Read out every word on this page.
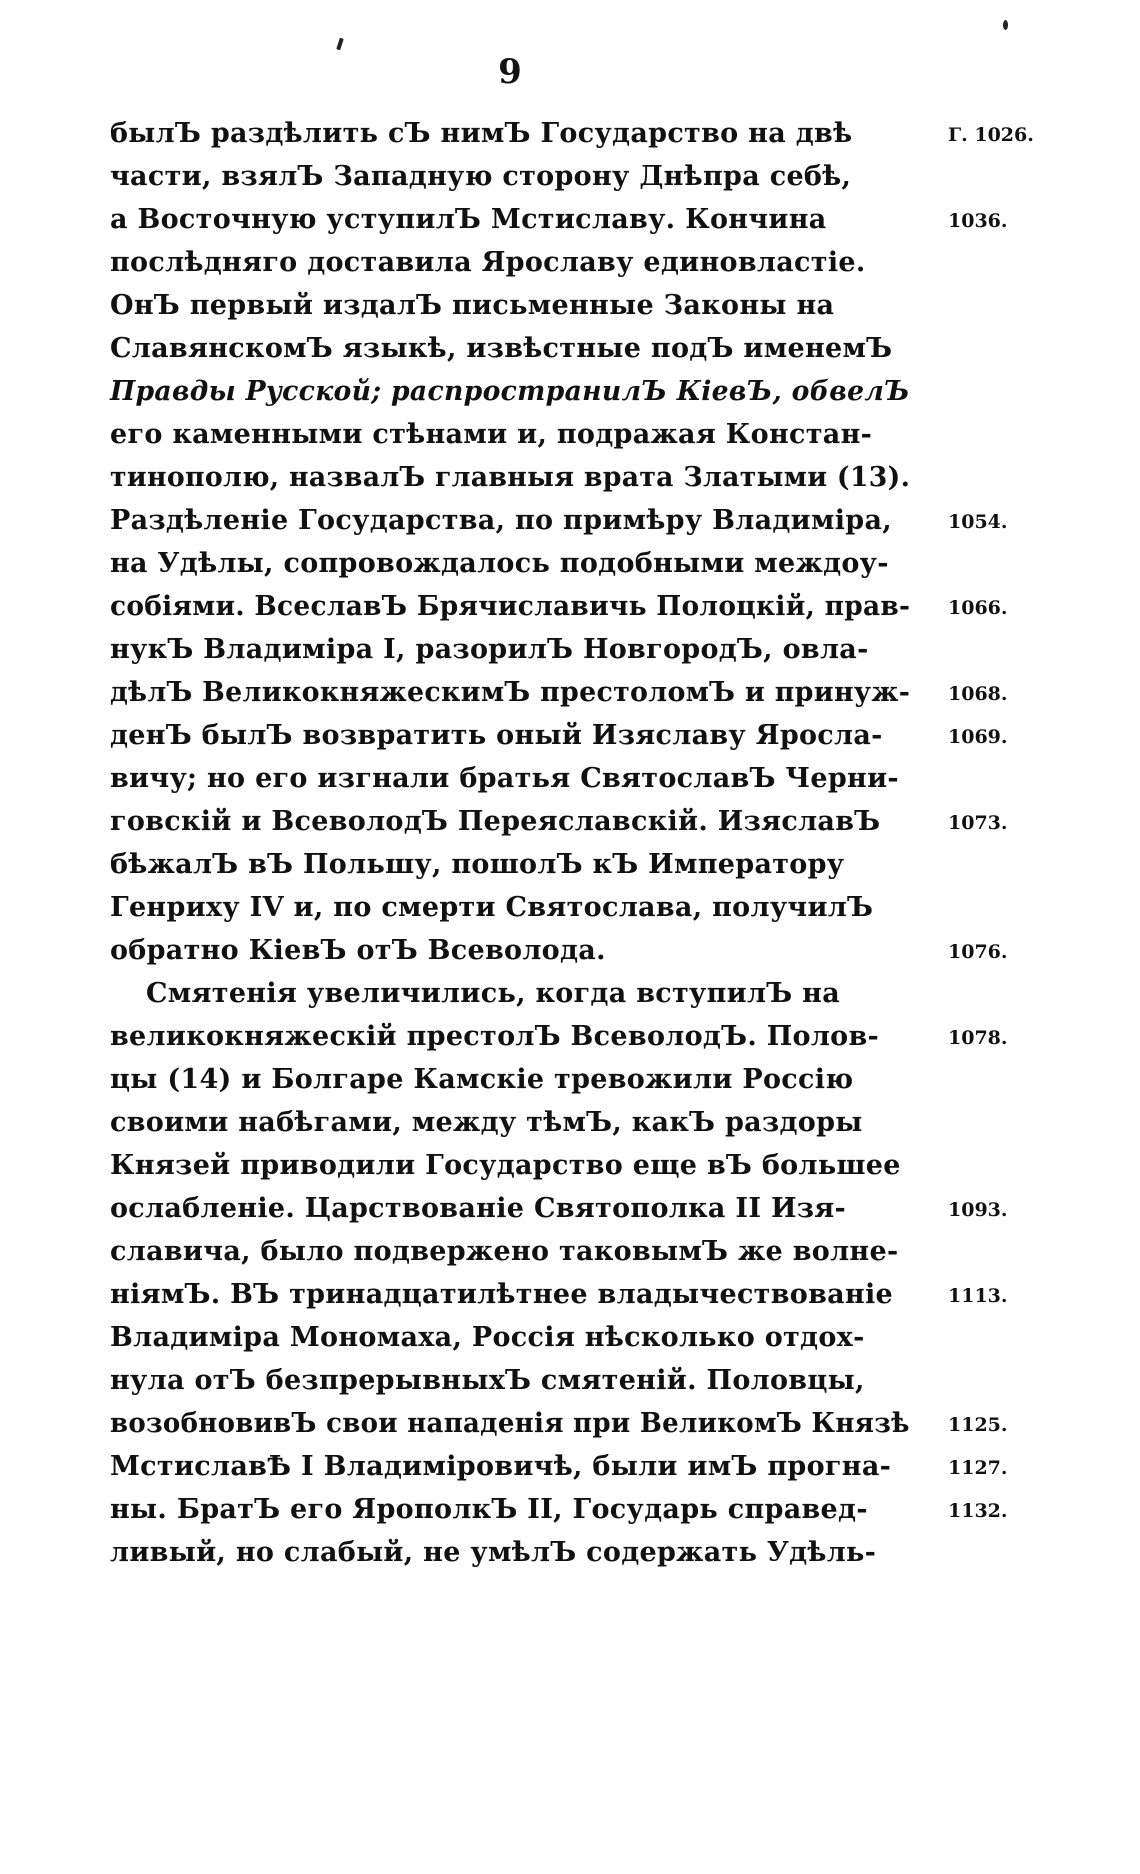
9
былЪ раздѣлить сЪ нимЪ Государство на двѣ	Г. 1026.
части, взялЪ Западную сторону Днѣпра себѣ,
а Восточную уступилЪ Мстиславу. Кончина	1036.
послѣдняго доставила Ярославу единовластiе.
ОнЪ первый издалЪ письменные Законы на
СлавянскомЪ языкѣ, извѣстные подЪ именемЪ
Правды Русской; распространилЪ КiевЪ, обвелЪ
его каменными стѣнами и, подражая Констан-
тинополю, назвалЪ главныя врата Златыми (13).
Раздѣленiе Государства, по примѣру Владимiра,	1054.
на Удѣлы, сопровождалось подобными междоу-
собiями. ВсеславЪ Брячиславичь Полоцкiй, прав- 1066.
нукЪ Владимiра I, разорилЪ НовгородЪ, овла-
дѣлЪ ВеликокняжескимЪ престоломЪ и принуж- 1068.
денЪ былЪ возвратить оный Изяславу Яросла-	1069.
вичу; но его изгнали братья СвятославЪ Черни-
говскiй и ВсеволодЪ Переяславскiй. ИзяславЪ	1073.
бѣжалЪ вЪ Польшу, пошолЪ кЪ Императору
Генриху IV и, по смерти Святослава, получилЪ
обратно КiевЪ отЪ Всеволода.	1076.
Смятенiя увеличились, когда вступилЪ на
великокняжескiй престолЪ ВсеволодЪ. Полов-	1078.
цы (14) и Болгаре Камскiе тревожили Россiю
своими набѣгами, между тѣмЪ, какЪ раздоры
Князей приводили Государство еще вЪ большее
ослабленiе. Царствованiе Святополка II Изя-	1093.
славича, было подвержено таковымЪ же волне-
нiямЪ. ВЪ тринадцатилѣтнее владычествованiе	1113.
Владимiра Мономаха, Россiя нѣсколько отдох-
нула отЪ безпрерывныхЪ смятенiй. Половцы,
возобновивЪ свои нападенiя при ВеликомЪ Князѣ 1125.
МстиславѢ I Владимiровичѣ, были имЪ прогна-	1127.
ны. БратЪ его ЯрополкЪ II, Государь справед-	1132.
ливый, но слабый, не умѣлЪ содержать Удѣль-
